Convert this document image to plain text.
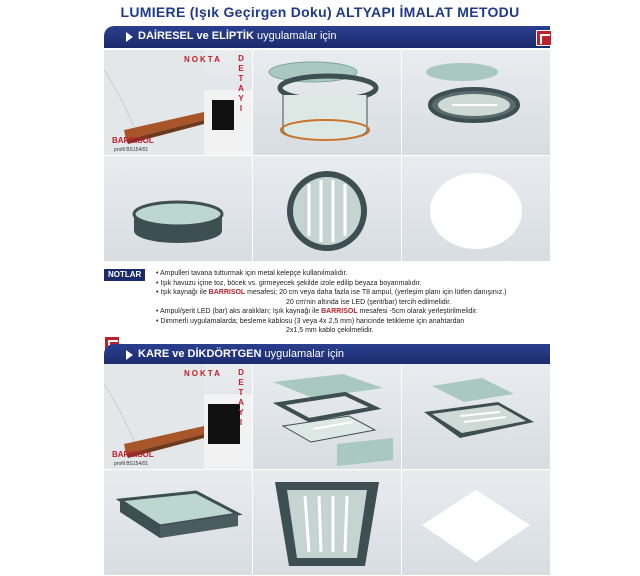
LUMIERE (Işık Geçirgen Doku) ALTYAPI İMALAT METODU
DAİRESEL ve ELİPTİK uygulamalar için
NOKTA D
E
T
A
Y
I
BARRISOL
profil BS154/01
NOTLAR
•	Ampulleri tavana tutturmak için metal kelepçe kullanılmalıdır.
• Işık havuzu içine toz, böcek vs. girmeyecek şekilde izole edilip beyaza boyanmalıdır.
• Işık kaynağı ile BARRISOL mesafesi; 20 cm veya daha fazla ise T8 ampul, (yerleşim planı için lütfen danışınız.)
20 cm'nin altında ise LED (şerit/bar) tercih edilmelidir.
• Ampul/şerit LED (bar) aks aralıkları; Işık kaynağı ile BARRISOL mesafesi -5cm olarak yerleştirilmelidir.
• Dimmerli uygulamalarda; besleme kablosu (3 veya 4x 2,5 mm) haricinde tetikleme için anahtardan
2x1,5 mm kablo çekilmelidir.
KARE ve DİKDÖRTGEN uygulamalar için
NOKTA D
E
T
A
Y
I
BARRISOL
profil BS154/01
